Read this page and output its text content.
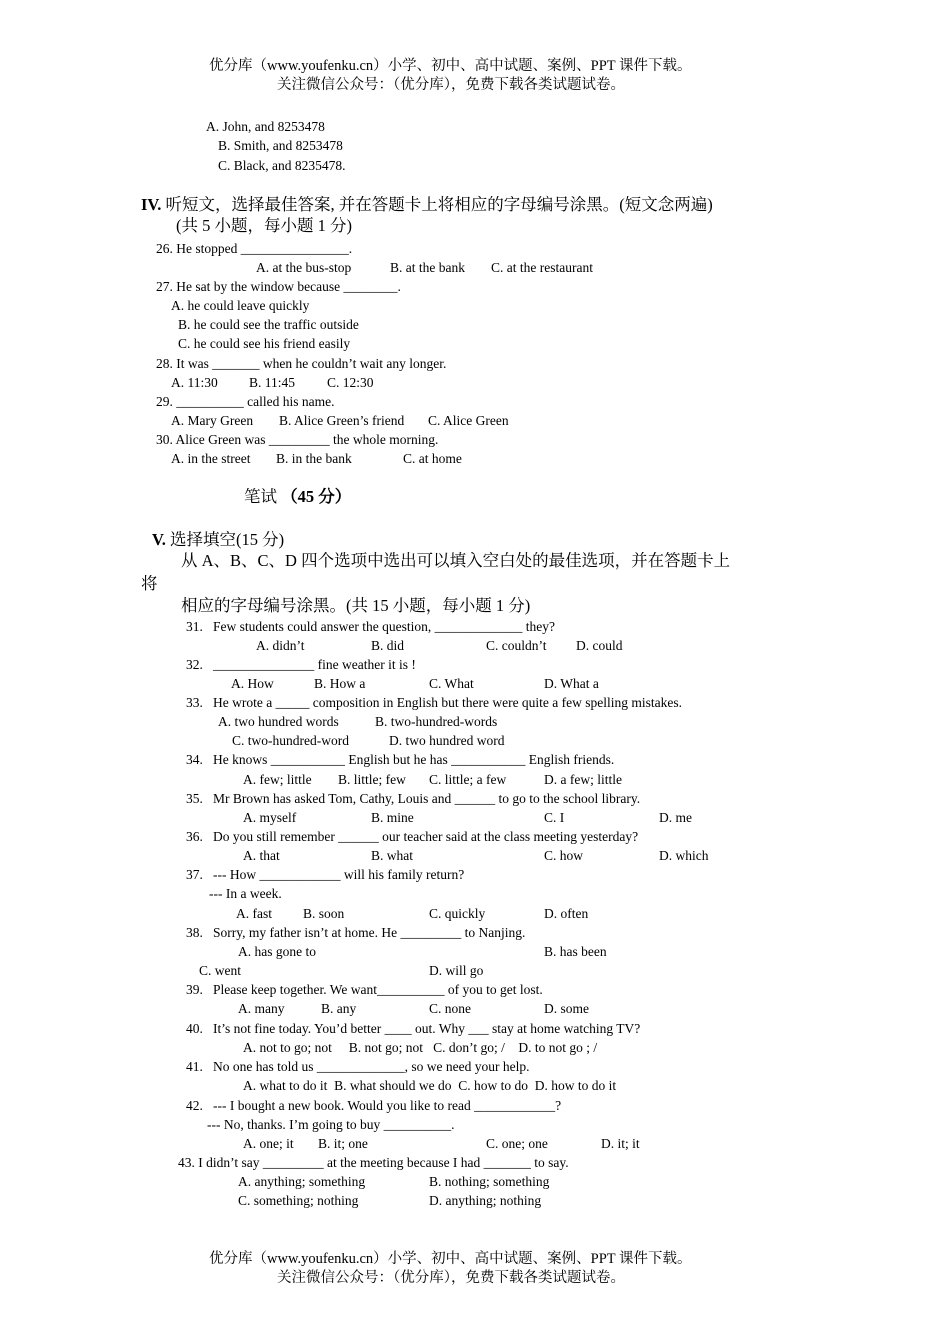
优分库（www.youfenku.cn）小学、初中、高中试题、案例、PPT 课件下载。
关注微信公众号：（优分库），免费下载各类试题试卷。
A. John, and 8253478
B. Smith, and 8253478
C. Black, and 8235478.
IV. 听短文，选择最佳答案, 并在答题卡上将相应的字母编号涂黑。(短文念两遍)
(共 5 小题，每小题 1 分)
26. He stopped ________________.
A. at the bus-stop	B. at the bank C. at the restaurant
27. He sat by the window because ________.
A. he could leave quickly
B. he could see the traffic outside
C. he could see his friend easily
28. It was _______ when he couldn’t wait any longer.
A. 11:30 B. 11:45 C. 12:30
29. __________ called his name.
A. Mary Green B. Alice Green’s friend C. Alice Green
30. Alice Green was _________ the whole morning.
A. in the street B. in the bank	C. at home
笔试 （45 分）
V. 选择填空(15 分)
从 A、B、C、D 四个选项中选出可以填入空白处的最佳选项，并在答题卡上
将
相应的字母编号涂黑。(共 15 小题，每小题 1 分)
31.   Few students could answer the question, _____________ they?
A. didn’t	B. did	C. couldn’t D. could
32.   _______________ fine weather it is !
A. How	B. How a	C. What	D. What a
33.   He wrote a _____ composition in English but there were quite a few spelling mistakes.
A. two hundred words	B. two-hundred-words
C. two-hundred-word	D. two hundred word
34.   He knows ___________ English but he has ___________ English friends.
A. few; little B. little; few C. little; a few	D. a few; little
35.   Mr Brown has asked Tom, Cathy, Louis and ______ to go to the school library.
A. myself	B. mine	C. I	D. me
36.   Do you still remember ______ our teacher said at the class meeting yesterday?
A. that	B. what	C. how	D. which
37.   --- How ____________ will his family return?
--- In a week.
A. fast B. soon	C. quickly	D. often
38.   Sorry, my father isn’t at home. He _________ to Nanjing.
A. has gone to	B. has been
C. went	D. will go
39.   Please keep together. We want__________ of you to get lost.
A. many	B. any	C. none	D. some
40.   It’s not fine today. You’d better ____ out. Why ___ stay at home watching TV?
A. not to go; not     B. not go; not   C. don’t go; /    D. to not go ; /
41.   No one has told us _____________, so we need your help.
A. what to do it  B. what should we do  C. how to do  D. how to do it
42.   --- I bought a new book. Would you like to read ____________?
--- No, thanks. I’m going to buy __________.
A. one; it B. it; one	C. one; one	D. it; it
43. I didn’t say _________ at the meeting because I had _______ to say.
A. anything; something	B. nothing; something
C. something; nothing	D. anything; nothing
优分库（www.youfenku.cn）小学、初中、高中试题、案例、PPT 课件下载。
关注微信公众号：（优分库），免费下载各类试题试卷。
